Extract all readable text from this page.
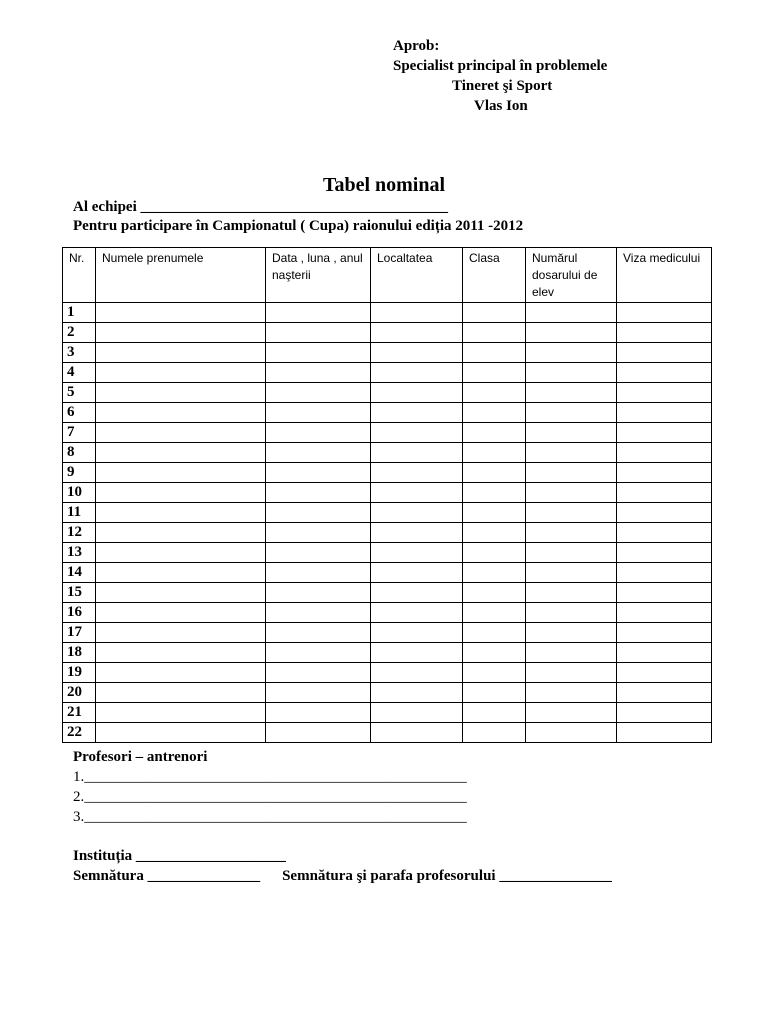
Aprob:
Specialist principal în problemele
Tineret şi Sport
Vlas Ion
Tabel nominal
Al echipei _________________________________________
Pentru participare în Campionatul ( Cupa) raionului ediția 2011 -2012
Nr.	Numele prenumele	Data , luna , anul naşterii	Localtatea	Clasa	Numărul dosarului de elev	Viza medicului
1						
2						
3						
4						
5						
6						
7						
8						
9						
10						
11						
12						
13						
14						
15						
16						
17						
18						
19						
20						
21						
22						
Profesori – antrenori
1.___________________________________________________
2.___________________________________________________
3.___________________________________________________
Instituția ____________________
Semnătura _______________ Semnătura şi parafa profesorului _______________
